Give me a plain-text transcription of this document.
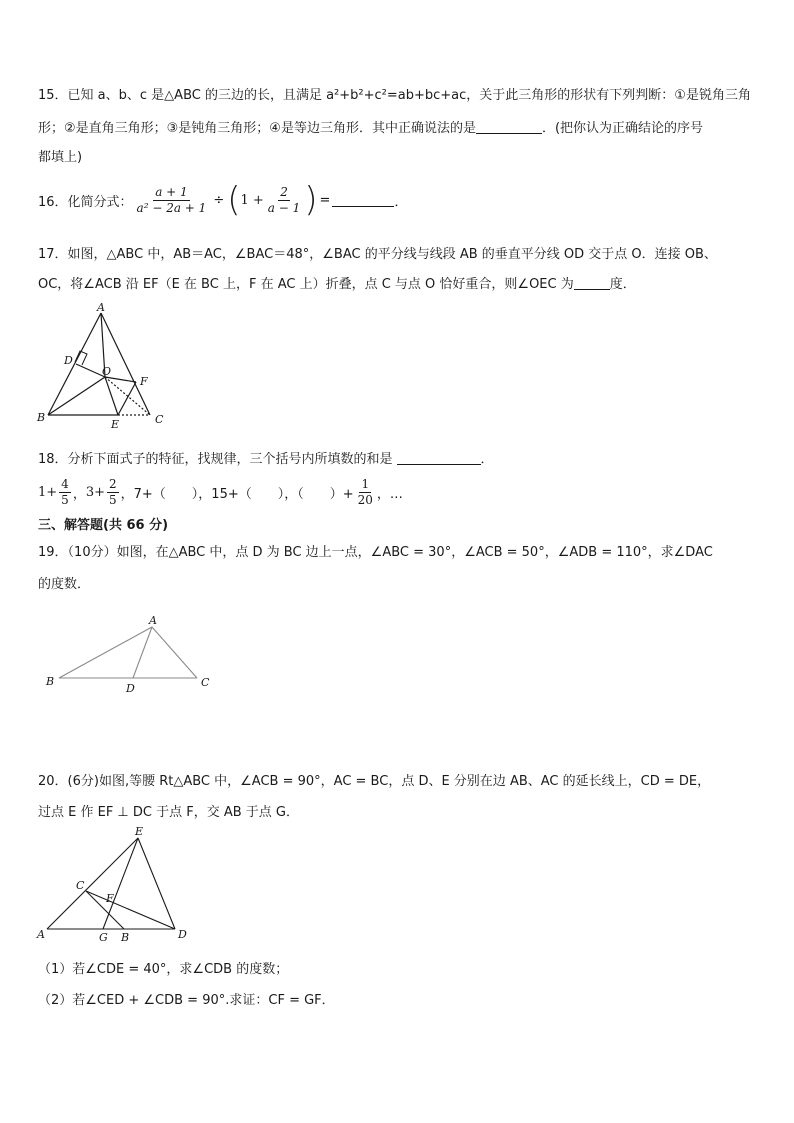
15．已知 a、b、c 是△ABC 的三边的长，且满足 a²+b²+c²=ab+bc+ac，关于此三角形的形状有下列判断：①是锐角三角
形；②是直角三角形；③是钝角三角形；④是等边三角形．其中正确说法的是	．(把你认为正确结论的序号
都填上)
16．化简分式： $\frac{a + 1}{\text{a² − 2a + 1}}$ ÷ ( $1 + \frac{2}{a - 1}$ ) =	．
17．如图，△ABC 中，AB＝AC，∠BAC＝48°，∠BAC 的平分线与线段 AB 的垂直平分线 OD 交于点 O．连接 OB、
OC，将∠ACB 沿 EF（E 在 BC 上，F 在 AC 上）折叠，点 C 与点 O 恰好重合，则∠OEC 为	度．
A
D
O
F
B
E	C
18．分析下面式子的特征，找规律，三个括号内所填数的和是	．
$1+ \frac{4}{5}$ ， $3+ \frac{2}{5}$ ，7+（　　），15+（　　），（　　）+ $\frac{1}{20}$ ，…
三、解答题(共 66 分)
19．（10分）如图，在△ABC 中，点 D 为 BC 边上一点，∠ABC = 30°，∠ACB = 50°，∠ADB = 110°，求∠DAC
的度数．
A
B
D	C
20．(6分)如图,等腰 Rt△ABC 中，∠ACB = 90°，AC = BC，点 D、E 分别在边 AB、AC 的延长线上，CD = DE，
过点 E 作 EF ⊥ DC 于点 F，交 AB 于点 G．
E
C
F
A	G B	D
（1）若∠CDE = 40°，求∠CDB 的度数；
（2）若∠CED + ∠CDB = 90°.求证：CF = GF．
